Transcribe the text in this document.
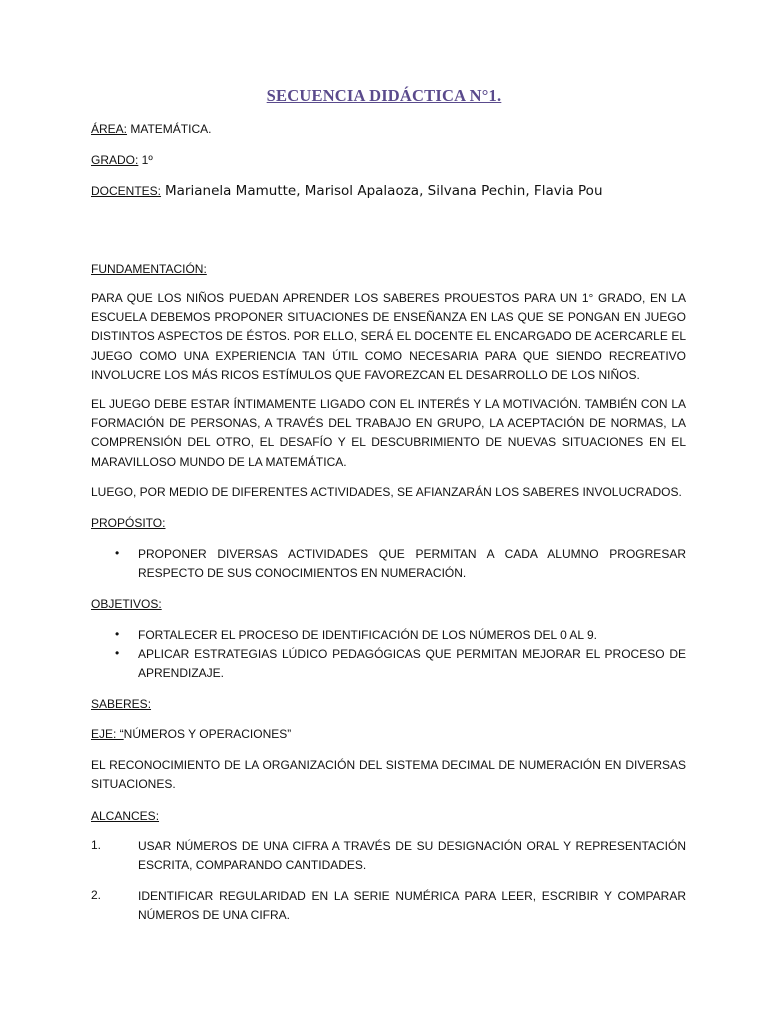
SECUENCIA DIDÁCTICA N°1.
ÁREA: MATEMÁTICA.
GRADO: 1º
DOCENTES: Marianela Mamutte, Marisol Apalaoza, Silvana Pechin, Flavia Pou
FUNDAMENTACIÓN:

PARA QUE LOS NIÑOS PUEDAN APRENDER LOS SABERES PROUESTOS PARA UN 1° GRADO, EN LA ESCUELA DEBEMOS PROPONER SITUACIONES DE ENSEÑANZA EN LAS QUE SE PONGAN EN JUEGO DISTINTOS ASPECTOS DE ÉSTOS. POR ELLO, SERÁ EL DOCENTE EL ENCARGADO DE ACERCARLE EL JUEGO COMO UNA EXPERIENCIA TAN ÚTIL COMO NECESARIA PARA QUE SIENDO RECREATIVO INVOLUCRE LOS MÁS RICOS ESTÍMULOS QUE FAVOREZCAN EL DESARROLLO DE LOS NIÑOS.

EL JUEGO DEBE ESTAR ÍNTIMAMENTE LIGADO CON EL INTERÉS Y LA MOTIVACIÓN. TAMBIÉN CON LA FORMACIÓN DE PERSONAS, A TRAVÉS DEL TRABAJO EN GRUPO, LA ACEPTACIÓN DE NORMAS, LA COMPRENSIÓN DEL OTRO, EL DESAFÍO Y EL DESCUBRIMIENTO DE NUEVAS SITUACIONES EN EL MARAVILLOSO MUNDO DE LA MATEMÁTICA.

LUEGO, POR MEDIO DE DIFERENTES ACTIVIDADES, SE AFIANZARÁN LOS SABERES INVOLUCRADOS.

PROPÓSITO:
• PROPONER DIVERSAS ACTIVIDADES QUE PERMITAN A CADA ALUMNO PROGRESAR RESPECTO DE SUS CONOCIMIENTOS EN NUMERACIÓN.

OBJETIVOS:
• FORTALECER EL PROCESO DE IDENTIFICACIÓN DE LOS NÚMEROS DEL 0 AL 9.

• APLICAR ESTRATEGIAS LÚDICO PEDAGÓGICAS QUE PERMITAN MEJORAR EL PROCESO DE APRENDIZAJE.

SABERES:
EJE: “NÚMEROS Y OPERACIONES”

EL RECONOCIMIENTO DE LA ORGANIZACIÓN DEL SISTEMA DECIMAL DE NUMERACIÓN EN DIVERSAS SITUACIONES.

ALCANCES:
1.	USAR NÚMEROS DE UNA CIFRA A TRAVÉS DE SU DESIGNACIÓN ORAL Y REPRESENTACIÓN ESCRITA, COMPARANDO CANTIDADES.

2.	IDENTIFICAR REGULARIDAD EN LA SERIE NUMÉRICA PARA LEER, ESCRIBIR Y COMPARAR NÚMEROS DE UNA CIFRA.
